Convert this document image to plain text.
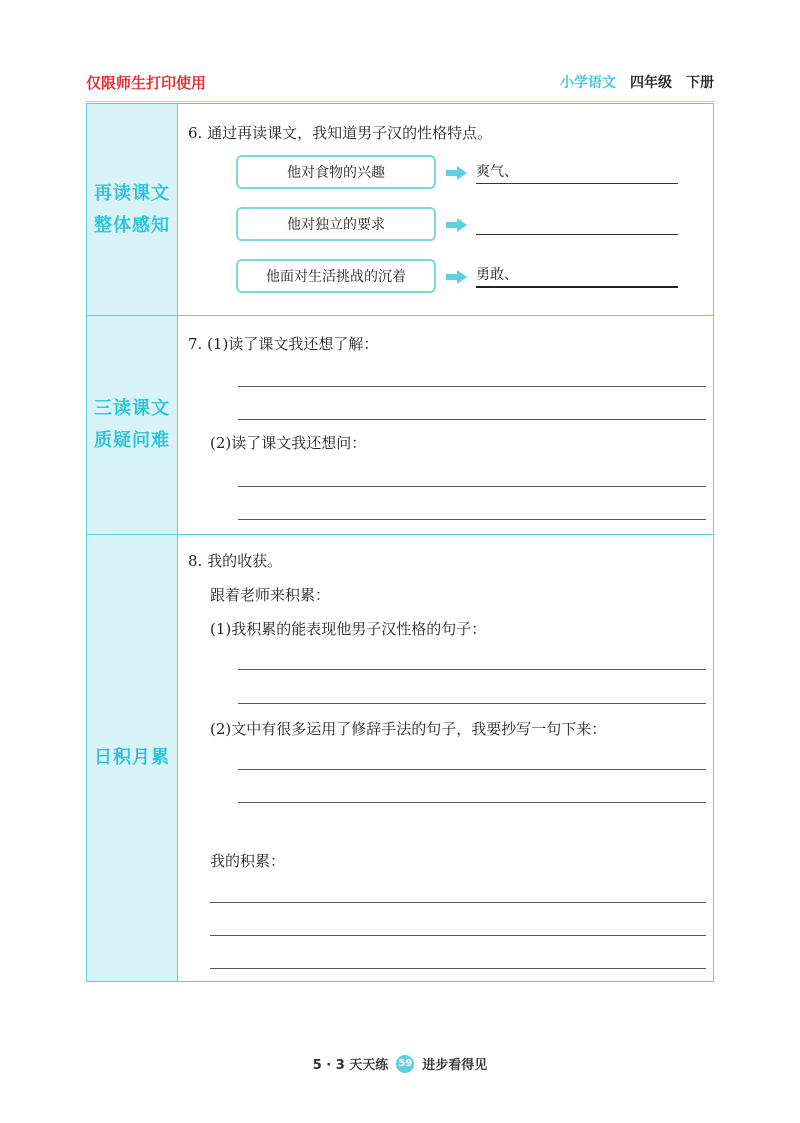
仅限师生打印使用	小学语文 四年级 下册
再读课文
整体感知
6. 通过再读课文，我知道男子汉的性格特点。
他对食物的兴趣	爽气、
他对独立的要求
他面对生活挑战的沉着	勇敢、
三读课文
质疑问难
7. (1)读了课文我还想了解：
(2)读了课文我还想问：
日积月累
8. 我的收获。
跟着老师来积累：
(1)我积累的能表现他男子汉性格的句子：
(2)文中有很多运用了修辞手法的句子，我要抄写一句下来：
我的积累：
5 · 3 天天练 59 进步看得见
